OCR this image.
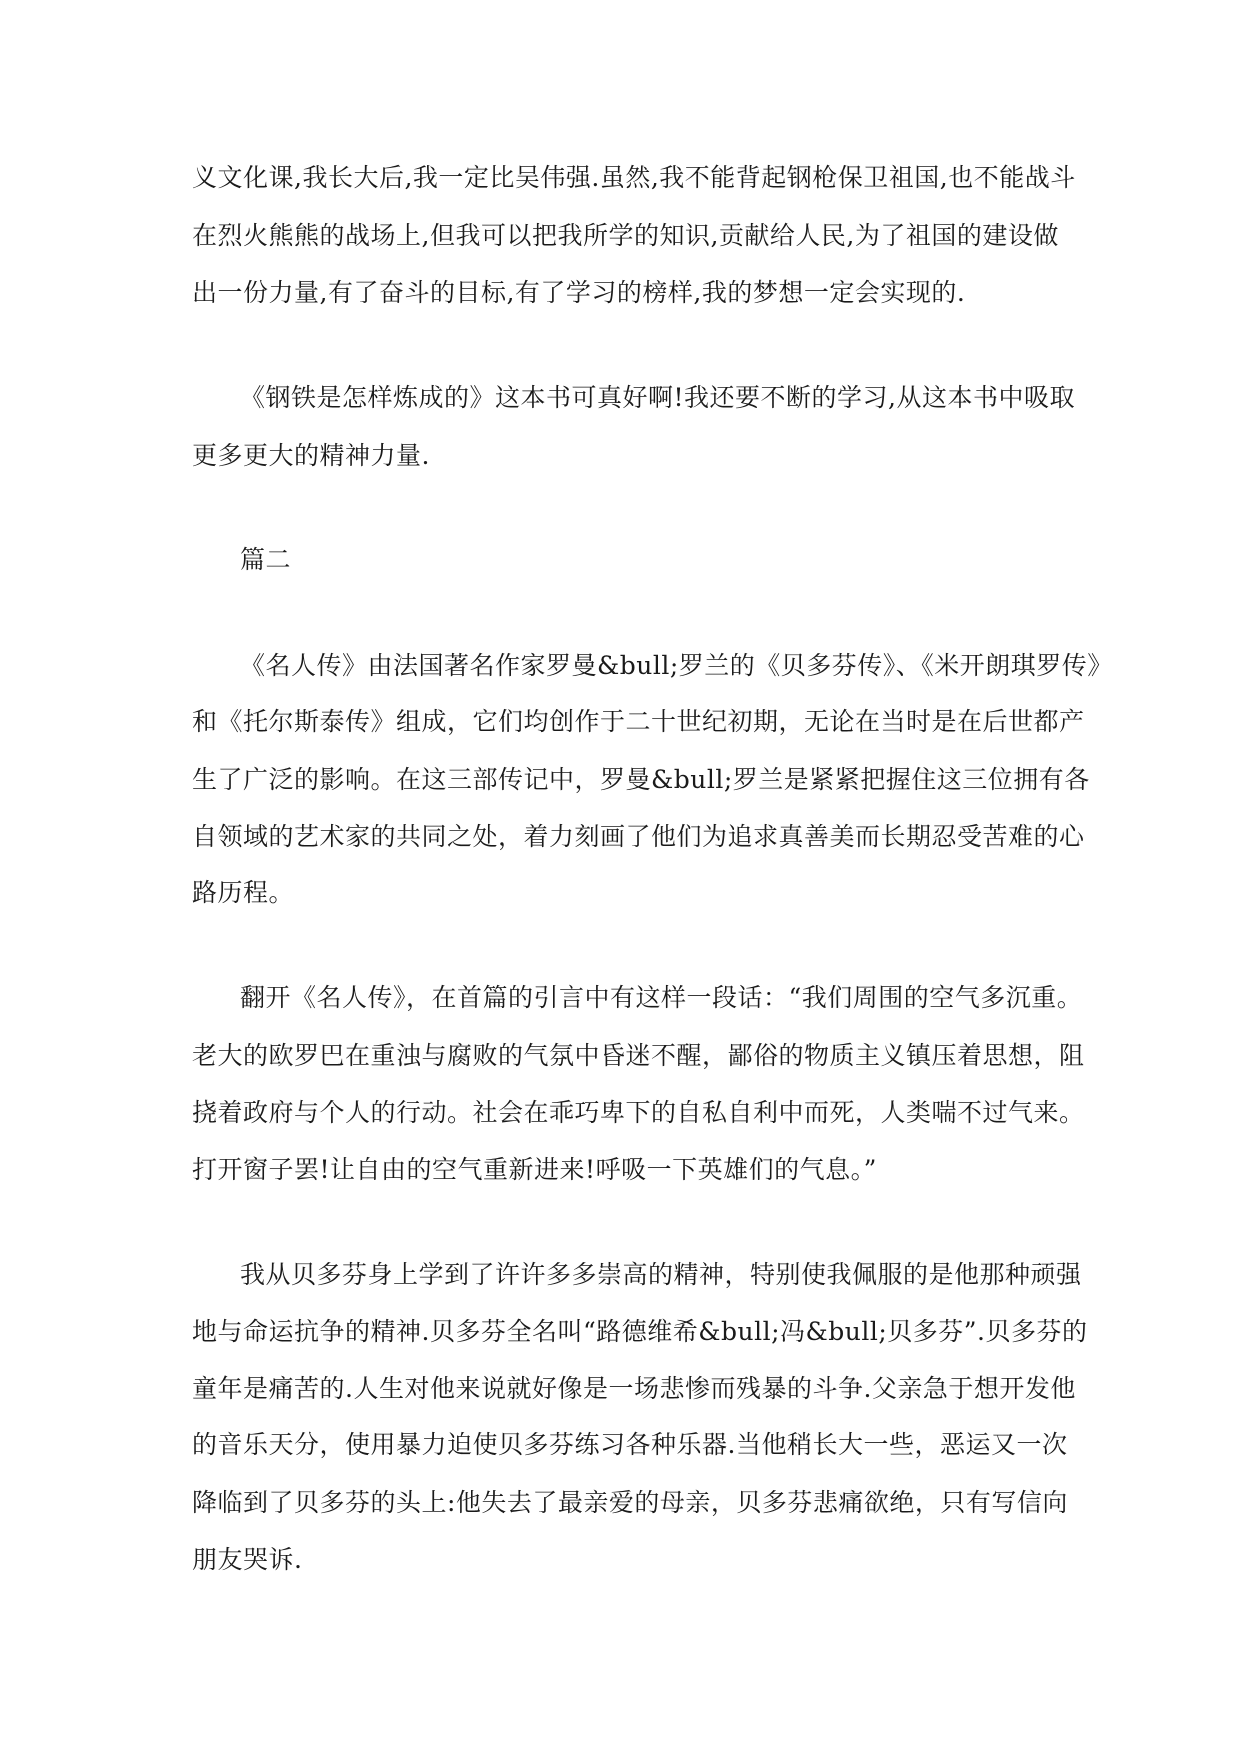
义文化课,我长大后,我一定比吴伟强.虽然,我不能背起钢枪保卫祖国,也不能战斗
在烈火熊熊的战场上,但我可以把我所学的知识,贡献给人民,为了祖国的建设做
出一份力量,有了奋斗的目标,有了学习的榜样,我的梦想一定会实现的.
《钢铁是怎样炼成的》这本书可真好啊!我还要不断的学习,从这本书中吸取
更多更大的精神力量.
篇二
《名人传》由法国著名作家罗曼&bull;罗兰的《贝多芬传》、《米开朗琪罗传》
和《托尔斯泰传》组成，它们均创作于二十世纪初期，无论在当时是在后世都产
生了广泛的影响。在这三部传记中，罗曼&bull;罗兰是紧紧把握住这三位拥有各
自领域的艺术家的共同之处，着力刻画了他们为追求真善美而长期忍受苦难的心
路历程。
翻开《名人传》，在首篇的引言中有这样一段话：“我们周围的空气多沉重。
老大的欧罗巴在重浊与腐败的气氛中昏迷不醒，鄙俗的物质主义镇压着思想，阻
挠着政府与个人的行动。社会在乖巧卑下的自私自利中而死，人类喘不过气来。
打开窗子罢!让自由的空气重新进来!呼吸一下英雄们的气息。”
我从贝多芬身上学到了许许多多崇高的精神，特别使我佩服的是他那种顽强
地与命运抗争的精神.贝多芬全名叫“路德维希&bull;冯&bull;贝多芬”.贝多芬的
童年是痛苦的.人生对他来说就好像是一场悲惨而残暴的斗争.父亲急于想开发他
的音乐天分，使用暴力迫使贝多芬练习各种乐器.当他稍长大一些，恶运又一次
降临到了贝多芬的头上:他失去了最亲爱的母亲，贝多芬悲痛欲绝，只有写信向
朋友哭诉.
